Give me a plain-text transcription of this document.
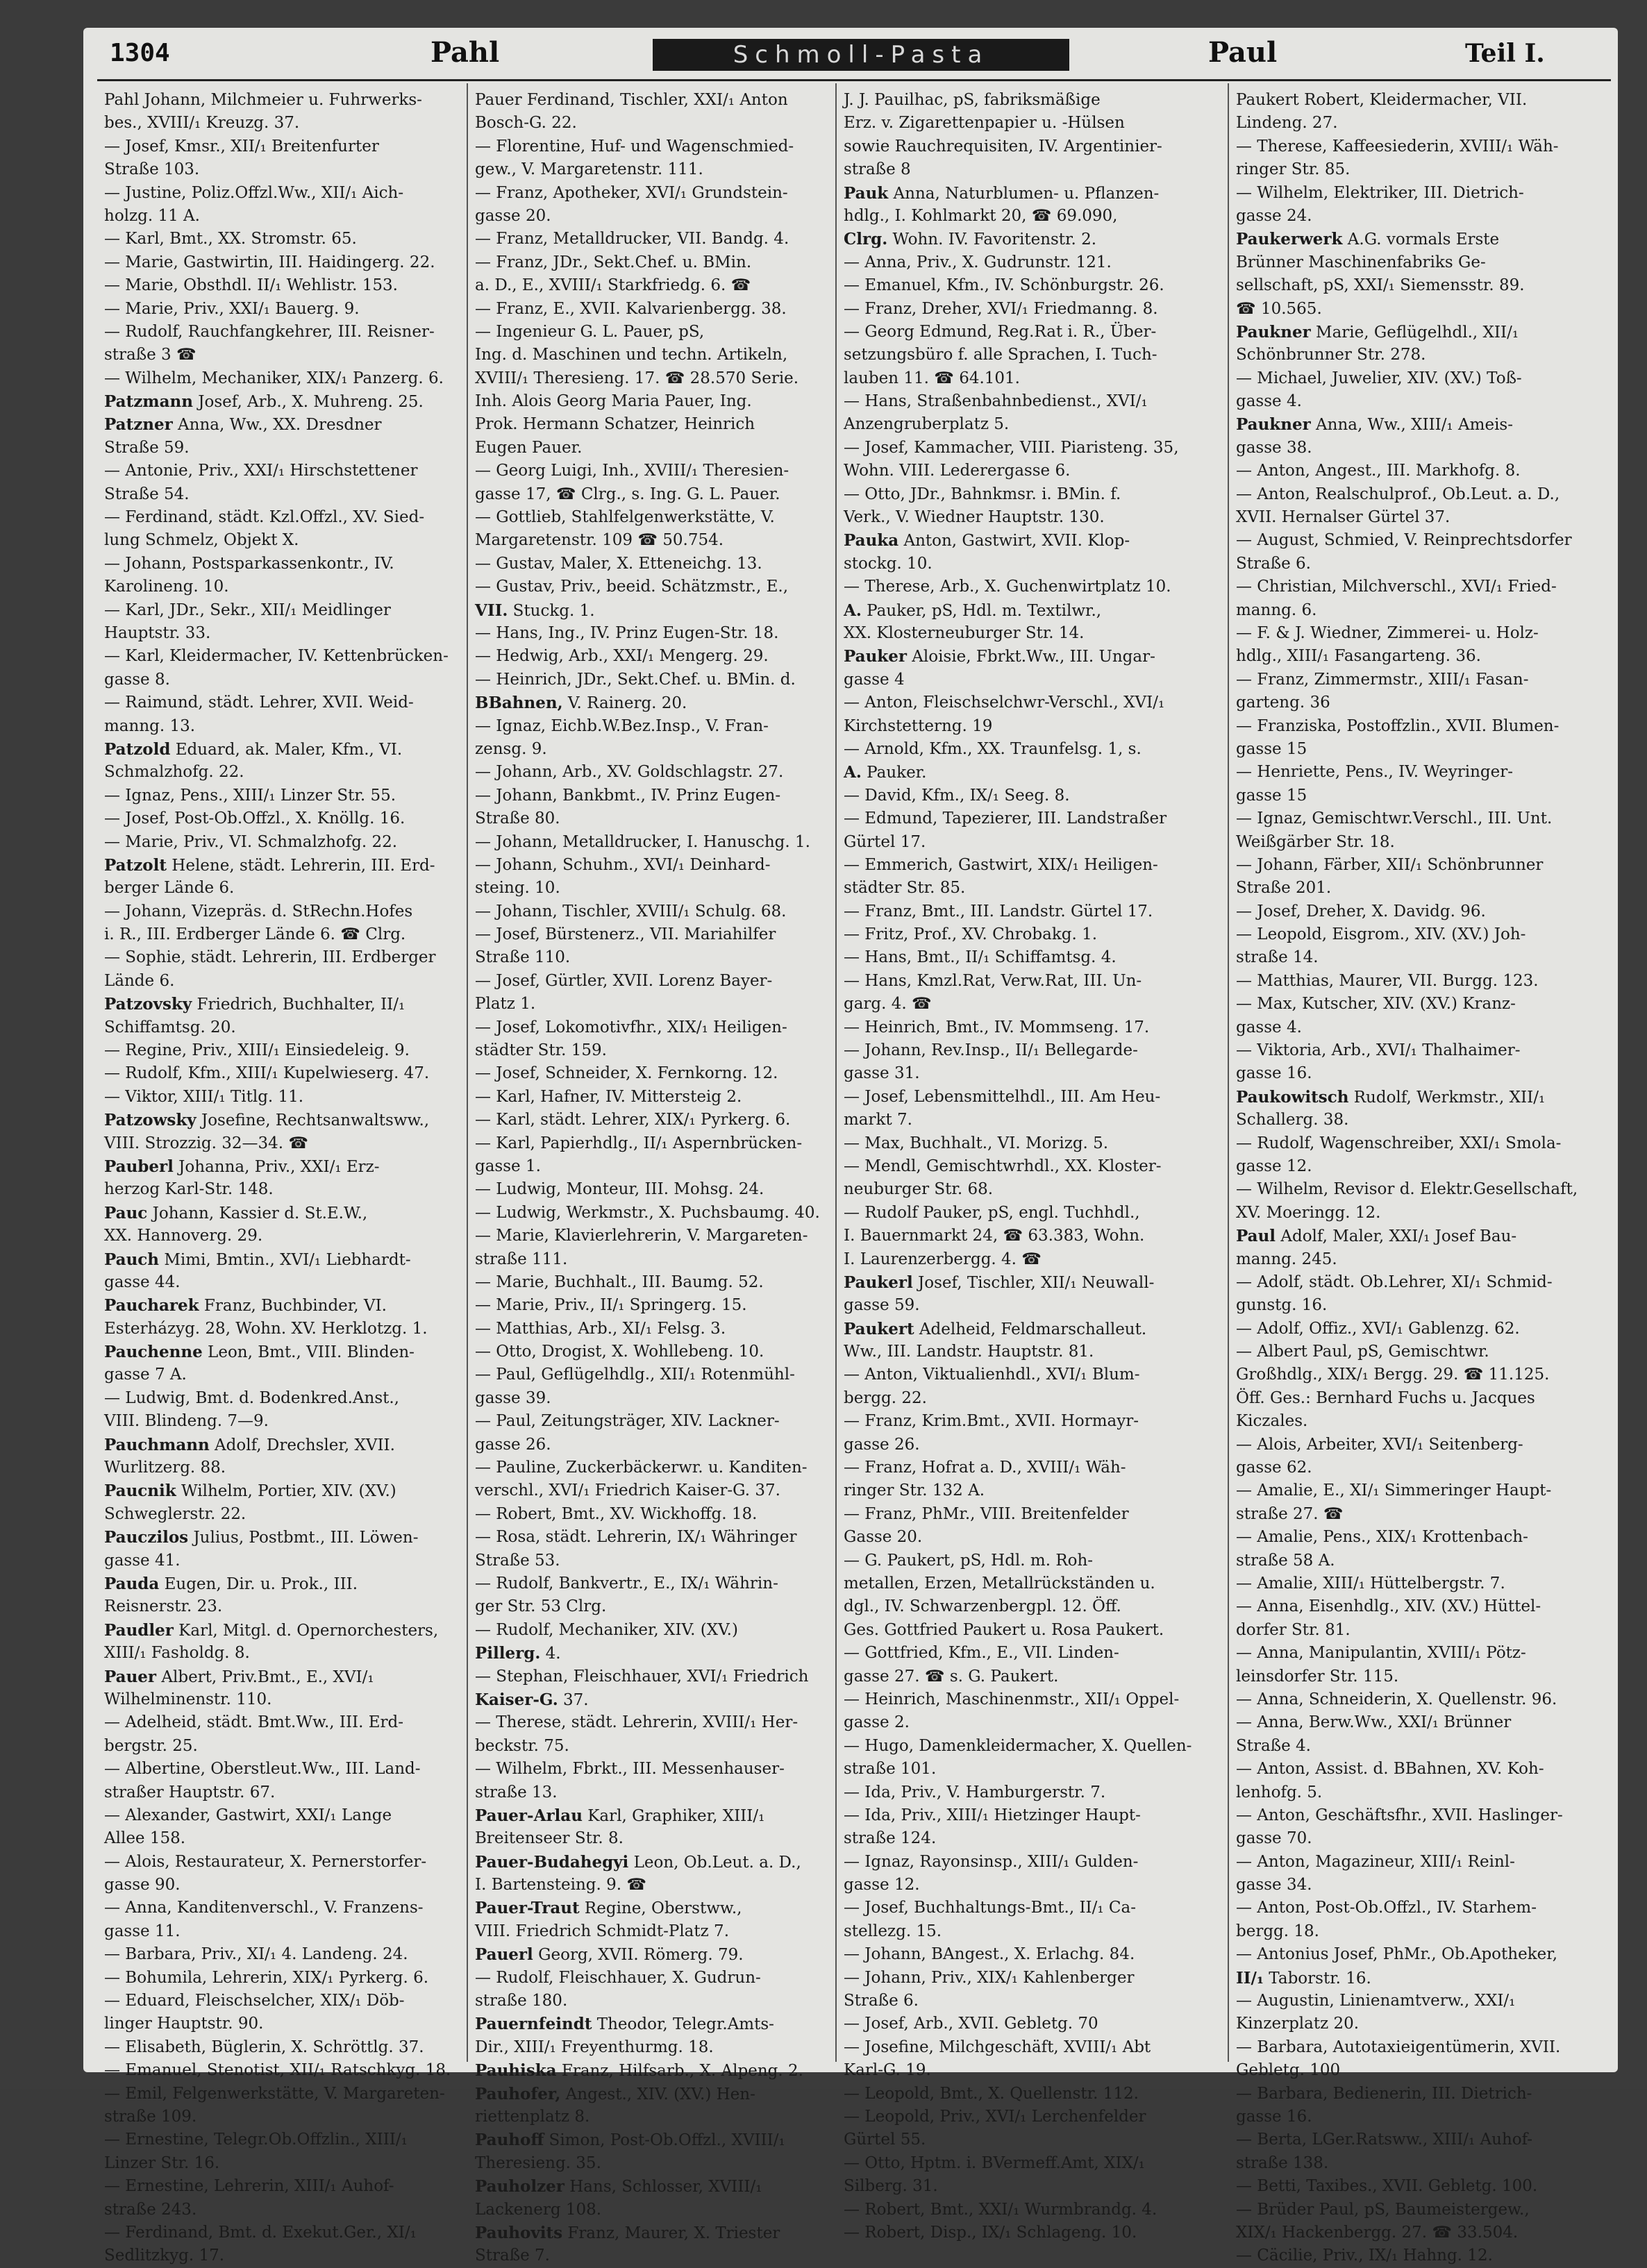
1304	Pahl	Schmoll-Pasta	Paul	Teil I.
Pahl Johann, Milchmeier u. Fuhrwerks-
bes., XVIII/₁ Kreuzg. 37.
— Josef, Kmsr., XII/₁ Breitenfurter
Straße 103.
— Justine, Poliz.Offzl.Ww., XII/₁ Aich-
holzg. 11 A.
— Karl, Bmt., XX. Stromstr. 65.
— Marie, Gastwirtin, III. Haidingerg. 22.
— Marie, Obsthdl. II/₁ Wehlistr. 153.
— Marie, Priv., XXI/₁ Bauerg. 9.
— Rudolf, Rauchfangkehrer, III. Reisner-
straße 3 ☎
— Wilhelm, Mechaniker, XIX/₁ Panzerg. 6.
Patzmann Josef, Arb., X. Muhreng. 25.
Patzner Anna, Ww., XX. Dresdner
Straße 59.
— Antonie, Priv., XXI/₁ Hirschstettener
Straße 54.
— Ferdinand, städt. Kzl.Offzl., XV. Sied-
lung Schmelz, Objekt X.
— Johann, Postsparkassenkontr., IV.
Karolineng. 10.
— Karl, JDr., Sekr., XII/₁ Meidlinger
Hauptstr. 33.
— Karl, Kleidermacher, IV. Kettenbrücken-
gasse 8.
— Raimund, städt. Lehrer, XVII. Weid-
manng. 13.
Patzold Eduard, ak. Maler, Kfm., VI.
Schmalzhofg. 22.
— Ignaz, Pens., XIII/₁ Linzer Str. 55.
— Josef, Post-Ob.Offzl., X. Knöllg. 16.
— Marie, Priv., VI. Schmalzhofg. 22.
Patzolt Helene, städt. Lehrerin, III. Erd-
berger Lände 6.
— Johann, Vizepräs. d. StRechn.Hofes
i. R., III. Erdberger Lände 6. ☎ Clrg.
— Sophie, städt. Lehrerin, III. Erdberger
Lände 6.
Patzovsky Friedrich, Buchhalter, II/₁
Schiffamtsg. 20.
— Regine, Priv., XIII/₁ Einsiedeleig. 9.
— Rudolf, Kfm., XIII/₁ Kupelwieserg. 47.
— Viktor, XIII/₁ Titlg. 11.
Patzowsky Josefine, Rechtsanwaltsww.,
VIII. Strozzig. 32—34. ☎
Pauberl Johanna, Priv., XXI/₁ Erz-
herzog Karl-Str. 148.
Pauc Johann, Kassier d. St.E.W.,
XX. Hannoverg. 29.
Pauch Mimi, Bmtin., XVI/₁ Liebhardt-
gasse 44.
Paucharek Franz, Buchbinder, VI.
Esterházyg. 28, Wohn. XV. Herklotzg. 1.
Pauchenne Leon, Bmt., VIII. Blinden-
gasse 7 A.
— Ludwig, Bmt. d. Bodenkred.Anst.,
VIII. Blindeng. 7—9.
Pauchmann Adolf, Drechsler, XVII.
Wurlitzerg. 88.
Paucnik Wilhelm, Portier, XIV. (XV.)
Schweglerstr. 22.
Pauczilos Julius, Postbmt., III. Löwen-
gasse 41.
Pauda Eugen, Dir. u. Prok., III.
Reisnerstr. 23.
Paudler Karl, Mitgl. d. Opernorchesters,
XIII/₁ Fasholdg. 8.
Pauer Albert, Priv.Bmt., E., XVI/₁
Wilhelminenstr. 110.
— Adelheid, städt. Bmt.Ww., III. Erd-
bergstr. 25.
— Albertine, Oberstleut.Ww., III. Land-
straßer Hauptstr. 67.
— Alexander, Gastwirt, XXI/₁ Lange
Allee 158.
— Alois, Restaurateur, X. Pernerstorfer-
gasse 90.
— Anna, Kanditenverschl., V. Franzens-
gasse 11.
— Barbara, Priv., XI/₁ 4. Landeng. 24.
— Bohumila, Lehrerin, XIX/₁ Pyrkerg. 6.
— Eduard, Fleischselcher, XIX/₁ Döb-
linger Hauptstr. 90.
— Elisabeth, Büglerin, X. Schröttlg. 37.
— Emanuel, Stenotist, XII/₁ Ratschkyg. 18.
— Emil, Felgenwerkstätte, V. Margareten-
straße 109.
— Ernestine, Telegr.Ob.Offzlin., XIII/₁
Linzer Str. 16.
— Ernestine, Lehrerin, XIII/₁ Auhof-
straße 243.
— Ferdinand, Bmt. d. Exekut.Ger., XI/₁
Sedlitzkyg. 17.
Pauer Ferdinand, Tischler, XXI/₁ Anton
Bosch-G. 22.
— Florentine, Huf- und Wagenschmied-
gew., V. Margaretenstr. 111.
— Franz, Apotheker, XVI/₁ Grundstein-
gasse 20.
— Franz, Metalldrucker, VII. Bandg. 4.
— Franz, JDr., Sekt.Chef. u. BMin.
a. D., E., XVIII/₁ Starkfriedg. 6. ☎
— Franz, E., XVII. Kalvarienbergg. 38.
— Ingenieur G. L. Pauer, pS,
Ing. d. Maschinen und techn. Artikeln,
XVIII/₁ Theresieng. 17. ☎ 28.570 Serie.
Inh. Alois Georg Maria Pauer, Ing.
Prok. Hermann Schatzer, Heinrich
Eugen Pauer.
— Georg Luigi, Inh., XVIII/₁ Theresien-
gasse 17, ☎ Clrg., s. Ing. G. L. Pauer.
— Gottlieb, Stahlfelgenwerkstätte, V.
Margaretenstr. 109 ☎ 50.754.
— Gustav, Maler, X. Etteneichg. 13.
— Gustav, Priv., beeid. Schätzmstr., E.,
VII. Stuckg. 1.
— Hans, Ing., IV. Prinz Eugen-Str. 18.
— Hedwig, Arb., XXI/₁ Mengerg. 29.
— Heinrich, JDr., Sekt.Chef. u. BMin. d.
BBahnen, V. Rainerg. 20.
— Ignaz, Eichb.W.Bez.Insp., V. Fran-
zensg. 9.
— Johann, Arb., XV. Goldschlagstr. 27.
— Johann, Bankbmt., IV. Prinz Eugen-
Straße 80.
— Johann, Metalldrucker, I. Hanuschg. 1.
— Johann, Schuhm., XVI/₁ Deinhard-
steing. 10.
— Johann, Tischler, XVIII/₁ Schulg. 68.
— Josef, Bürstenerz., VII. Mariahilfer
Straße 110.
— Josef, Gürtler, XVII. Lorenz Bayer-
Platz 1.
— Josef, Lokomotivfhr., XIX/₁ Heiligen-
städter Str. 159.
— Josef, Schneider, X. Fernkorng. 12.
— Karl, Hafner, IV. Mittersteig 2.
— Karl, städt. Lehrer, XIX/₁ Pyrkerg. 6.
— Karl, Papierhdlg., II/₁ Aspernbrücken-
gasse 1.
— Ludwig, Monteur, III. Mohsg. 24.
— Ludwig, Werkmstr., X. Puchsbaumg. 40.
— Marie, Klavierlehrerin, V. Margareten-
straße 111.
— Marie, Buchhalt., III. Baumg. 52.
— Marie, Priv., II/₁ Springerg. 15.
— Matthias, Arb., XI/₁ Felsg. 3.
— Otto, Drogist, X. Wohllebeng. 10.
— Paul, Geflügelhdlg., XII/₁ Rotenmühl-
gasse 39.
— Paul, Zeitungsträger, XIV. Lackner-
gasse 26.
— Pauline, Zuckerbäckerwr. u. Kanditen-
verschl., XVI/₁ Friedrich Kaiser-G. 37.
— Robert, Bmt., XV. Wickhoffg. 18.
— Rosa, städt. Lehrerin, IX/₁ Währinger
Straße 53.
— Rudolf, Bankvertr., E., IX/₁ Währin-
ger Str. 53 Clrg.
— Rudolf, Mechaniker, XIV. (XV.)
Pillerg. 4.
— Stephan, Fleischhauer, XVI/₁ Friedrich
Kaiser-G. 37.
— Therese, städt. Lehrerin, XVIII/₁ Her-
beckstr. 75.
— Wilhelm, Fbrkt., III. Messenhauser-
straße 13.
Pauer-Arlau Karl, Graphiker, XIII/₁
Breitenseer Str. 8.
Pauer-Budahegyi Leon, Ob.Leut. a. D.,
I. Bartensteing. 9. ☎
Pauer-Traut Regine, Oberstww.,
VIII. Friedrich Schmidt-Platz 7.
Pauerl Georg, XVII. Römerg. 79.
— Rudolf, Fleischhauer, X. Gudrun-
straße 180.
Pauernfeindt Theodor, Telegr.Amts-
Dir., XIII/₁ Freyenthurmg. 18.
Pauhiska Franz, Hilfsarb., X. Alpeng. 2.
Pauhofer, Angest., XIV. (XV.) Hen-
riettenplatz 8.
Pauhoff Simon, Post-Ob.Offzl., XVIII/₁
Theresieng. 35.
Pauholzer Hans, Schlosser, XVIII/₁
Lackenerg 108.
Pauhovits Franz, Maurer, X. Triester
Straße 7.
J. J. Pauilhac, pS, fabriksmäßige
Erz. v. Zigarettenpapier u. -Hülsen
sowie Rauchrequisiten, IV. Argentinier-
straße 8
Pauk Anna, Naturblumen- u. Pflanzen-
hdlg., I. Kohlmarkt 20, ☎ 69.090,
Clrg. Wohn. IV. Favoritenstr. 2.
— Anna, Priv., X. Gudrunstr. 121.
— Emanuel, Kfm., IV. Schönburgstr. 26.
— Franz, Dreher, XVI/₁ Friedmanng. 8.
— Georg Edmund, Reg.Rat i. R., Über-
setzungsbüro f. alle Sprachen, I. Tuch-
lauben 11. ☎ 64.101.
— Hans, Straßenbahnbedienst., XVI/₁
Anzengruberplatz 5.
— Josef, Kammacher, VIII. Piaristeng. 35,
Wohn. VIII. Lederergasse 6.
— Otto, JDr., Bahnkmsr. i. BMin. f.
Verk., V. Wiedner Hauptstr. 130.
Pauka Anton, Gastwirt, XVII. Klop-
stockg. 10.
— Therese, Arb., X. Guchenwirtplatz 10.
A. Pauker, pS, Hdl. m. Textilwr.,
XX. Klosterneuburger Str. 14.
Pauker Aloisie, Fbrkt.Ww., III. Ungar-
gasse 4
— Anton, Fleischselchwr-Verschl., XVI/₁
Kirchstetterng. 19
— Arnold, Kfm., XX. Traunfelsg. 1, s.
A. Pauker.
— David, Kfm., IX/₁ Seeg. 8.
— Edmund, Tapezierer, III. Landstraßer
Gürtel 17.
— Emmerich, Gastwirt, XIX/₁ Heiligen-
städter Str. 85.
— Franz, Bmt., III. Landstr. Gürtel 17.
— Fritz, Prof., XV. Chrobakg. 1.
— Hans, Bmt., II/₁ Schiffamtsg. 4.
— Hans, Kmzl.Rat, Verw.Rat, III. Un-
garg. 4. ☎
— Heinrich, Bmt., IV. Mommseng. 17.
— Johann, Rev.Insp., II/₁ Bellegarde-
gasse 31.
— Josef, Lebensmittelhdl., III. Am Heu-
markt 7.
— Max, Buchhalt., VI. Morizg. 5.
— Mendl, Gemischtwrhdl., XX. Kloster-
neuburger Str. 68.
— Rudolf Pauker, pS, engl. Tuchhdl.,
I. Bauernmarkt 24, ☎ 63.383, Wohn.
I. Laurenzerbergg. 4. ☎
Paukerl Josef, Tischler, XII/₁ Neuwall-
gasse 59.
Paukert Adelheid, Feldmarschalleut.
Ww., III. Landstr. Hauptstr. 81.
— Anton, Viktualienhdl., XVI/₁ Blum-
bergg. 22.
— Franz, Krim.Bmt., XVII. Hormayr-
gasse 26.
— Franz, Hofrat a. D., XVIII/₁ Wäh-
ringer Str. 132 A.
— Franz, PhMr., VIII. Breitenfelder
Gasse 20.
— G. Paukert, pS, Hdl. m. Roh-
metallen, Erzen, Metallrückständen u.
dgl., IV. Schwarzenbergpl. 12. Öff.
Ges. Gottfried Paukert u. Rosa Paukert.
— Gottfried, Kfm., E., VII. Linden-
gasse 27. ☎ s. G. Paukert.
— Heinrich, Maschinenmstr., XII/₁ Oppel-
gasse 2.
— Hugo, Damenkleidermacher, X. Quellen-
straße 101.
— Ida, Priv., V. Hamburgerstr. 7.
— Ida, Priv., XIII/₁ Hietzinger Haupt-
straße 124.
— Ignaz, Rayonsinsp., XIII/₁ Gulden-
gasse 12.
— Josef, Buchhaltungs-Bmt., II/₁ Ca-
stellezg. 15.
— Johann, BAngest., X. Erlachg. 84.
— Johann, Priv., XIX/₁ Kahlenberger
Straße 6.
— Josef, Arb., XVII. Gebletg. 70
— Josefine, Milchgeschäft, XVIII/₁ Abt
Karl-G. 19.
— Leopold, Bmt., X. Quellenstr. 112.
— Leopold, Priv., XVI/₁ Lerchenfelder
Gürtel 55.
— Otto, Hptm. i. BVermeff.Amt, XIX/₁
Silberg. 31.
— Robert, Bmt., XXI/₁ Wurmbrandg. 4.
— Robert, Disp., IX/₁ Schlageng. 10.
Paukert Robert, Kleidermacher, VII.
Lindeng. 27.
— Therese, Kaffeesiederin, XVIII/₁ Wäh-
ringer Str. 85.
— Wilhelm, Elektriker, III. Dietrich-
gasse 24.
Paukerwerk A.G. vormals Erste
Brünner Maschinenfabriks Ge-
sellschaft, pS, XXI/₁ Siemensstr. 89.
☎ 10.565.
Paukner Marie, Geflügelhdl., XII/₁
Schönbrunner Str. 278.
— Michael, Juwelier, XIV. (XV.) Toß-
gasse 4.
Paukner Anna, Ww., XIII/₁ Ameis-
gasse 38.
— Anton, Angest., III. Markhofg. 8.
— Anton, Realschulprof., Ob.Leut. a. D.,
XVII. Hernalser Gürtel 37.
— August, Schmied, V. Reinprechtsdorfer
Straße 6.
— Christian, Milchverschl., XVI/₁ Fried-
manng. 6.
— F. & J. Wiedner, Zimmerei- u. Holz-
hdlg., XIII/₁ Fasangarteng. 36.
— Franz, Zimmermstr., XIII/₁ Fasan-
garteng. 36
— Franziska, Postoffzlin., XVII. Blumen-
gasse 15
— Henriette, Pens., IV. Weyringer-
gasse 15
— Ignaz, Gemischtwr.Verschl., III. Unt.
Weißgärber Str. 18.
— Johann, Färber, XII/₁ Schönbrunner
Straße 201.
— Josef, Dreher, X. Davidg. 96.
— Leopold, Eisgrom., XIV. (XV.) Joh-
straße 14.
— Matthias, Maurer, VII. Burgg. 123.
— Max, Kutscher, XIV. (XV.) Kranz-
gasse 4.
— Viktoria, Arb., XVI/₁ Thalhaimer-
gasse 16.
Paukowitsch Rudolf, Werkmstr., XII/₁
Schallerg. 38.
— Rudolf, Wagenschreiber, XXI/₁ Smola-
gasse 12.
— Wilhelm, Revisor d. Elektr.Gesellschaft,
XV. Moeringg. 12.
Paul Adolf, Maler, XXI/₁ Josef Bau-
manng. 245.
— Adolf, städt. Ob.Lehrer, XI/₁ Schmid-
gunstg. 16.
— Adolf, Offiz., XVI/₁ Gablenzg. 62.
— Albert Paul, pS, Gemischtwr.
Großhdlg., XIX/₁ Bergg. 29. ☎ 11.125.
Öff. Ges.: Bernhard Fuchs u. Jacques
Kiczales.
— Alois, Arbeiter, XVI/₁ Seitenberg-
gasse 62.
— Amalie, E., XI/₁ Simmeringer Haupt-
straße 27. ☎
— Amalie, Pens., XIX/₁ Krottenbach-
straße 58 A.
— Amalie, XIII/₁ Hüttelbergstr. 7.
— Anna, Eisenhdlg., XIV. (XV.) Hüttel-
dorfer Str. 81.
— Anna, Manipulantin, XVIII/₁ Pötz-
leinsdorfer Str. 115.
— Anna, Schneiderin, X. Quellenstr. 96.
— Anna, Berw.Ww., XXI/₁ Brünner
Straße 4.
— Anton, Assist. d. BBahnen, XV. Koh-
lenhofg. 5.
— Anton, Geschäftsfhr., XVII. Haslinger-
gasse 70.
— Anton, Magazineur, XIII/₁ Reinl-
gasse 34.
— Anton, Post-Ob.Offzl., IV. Starhem-
bergg. 18.
— Antonius Josef, PhMr., Ob.Apotheker,
II/₁ Taborstr. 16.
— Augustin, Linienamtverw., XXI/₁
Kinzerplatz 20.
— Barbara, Autotaxieigentümerin, XVII.
Gebletg. 100
— Barbara, Bedienerin, III. Dietrich-
gasse 16.
— Berta, LGer.Ratsww., XIII/₁ Auhof-
straße 138.
— Betti, Taxibes., XVII. Gebletg. 100.
— Brüder Paul, pS, Baumeistergew.,
XIX/₁ Hackenbergg. 27. ☎ 33.504.
— Cäcilie, Priv., IX/₁ Hahng. 12.
